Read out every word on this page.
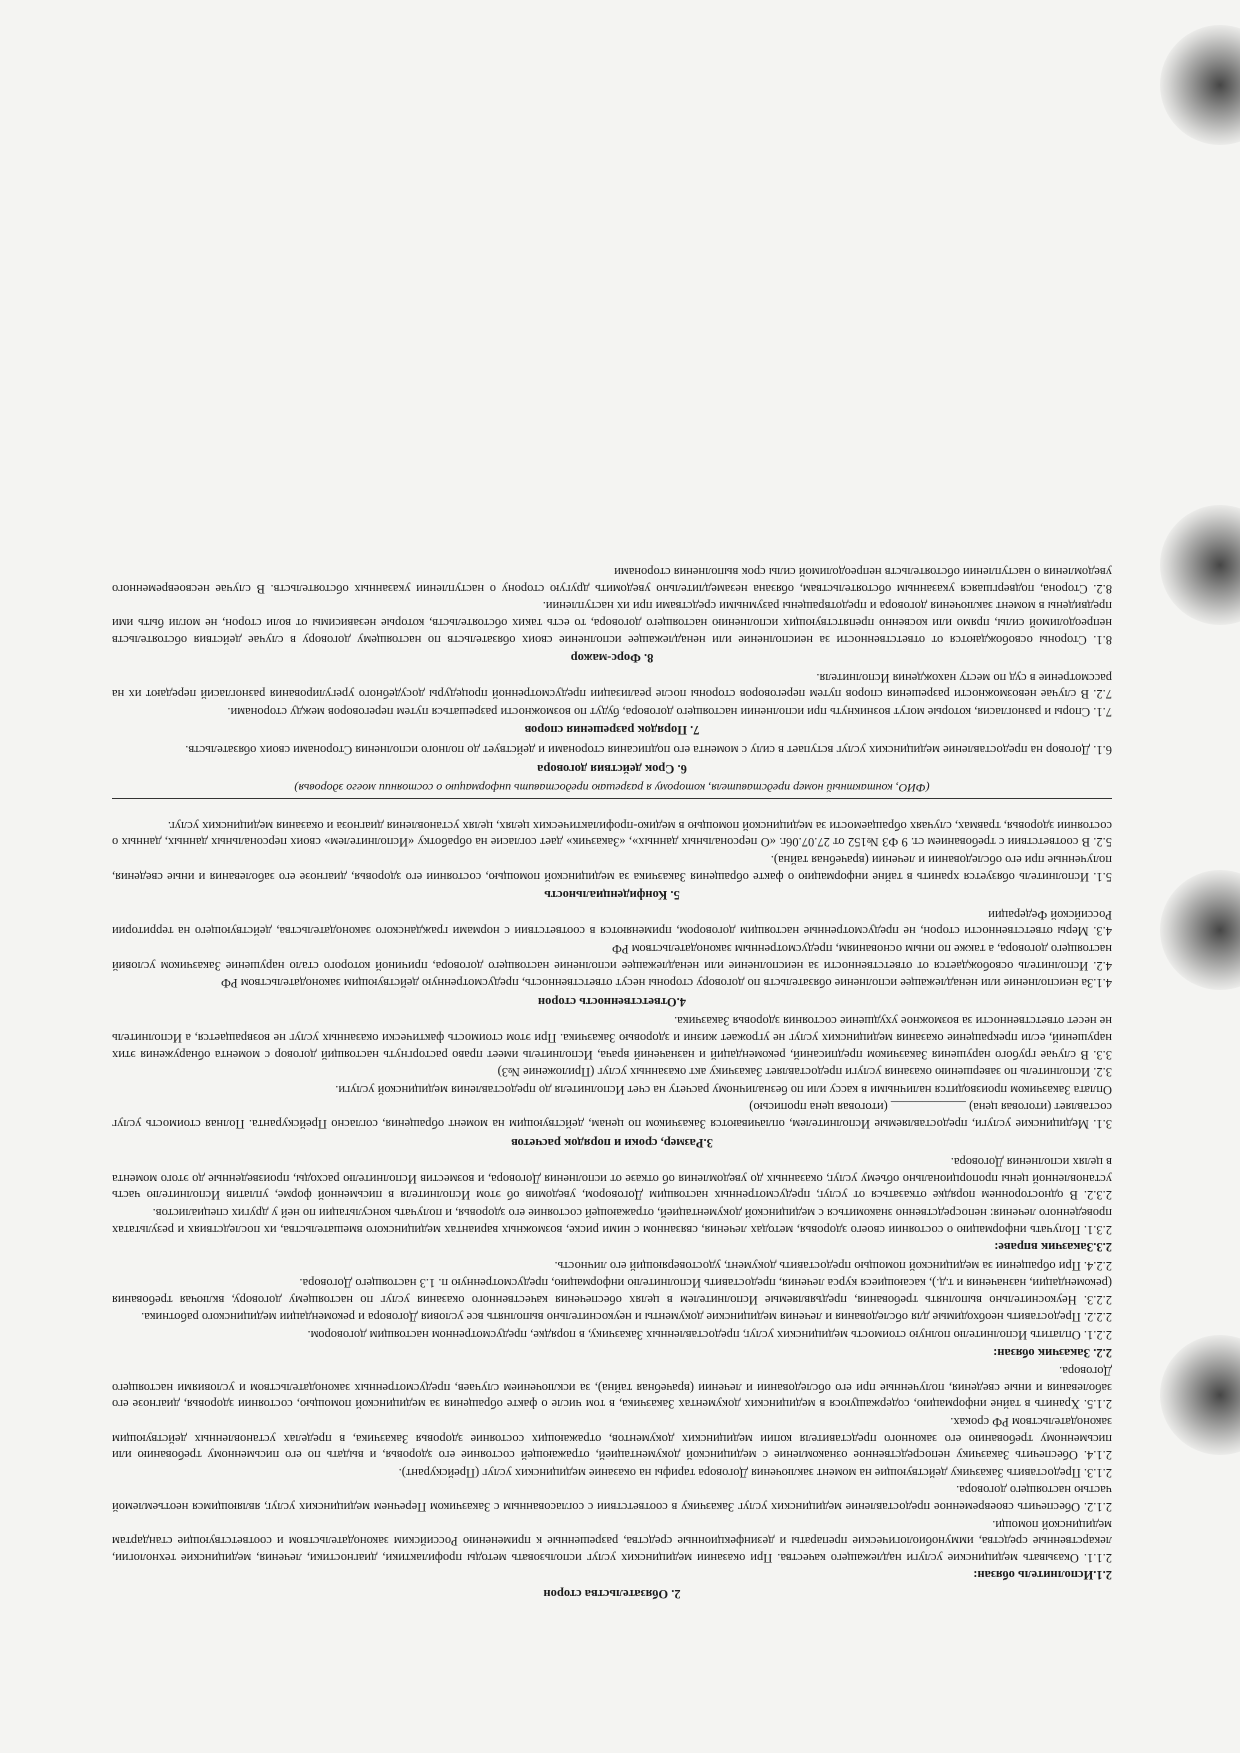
2. Обязательства сторон
2.1.Исполнитель обязан:
2.1.1. Оказывать медицинские услуги надлежащего качества. При оказании медицинских услуг использовать методы профилактики, диагностики, лечения, медицинские технологии, лекарственные средства, иммунобиологические препараты и дезинфекционные средства, разрешенные к применению Российским законодательством и соответствующие стандартам медицинской помощи.
2.1.2. Обеспечить своевременное предоставление медицинских услуг Заказчику в соответствии с согласованным с Заказчиком Перечнем медицинских услуг, являющимся неотъемлемой частью настоящего договора.
2.1.3. Предоставить Заказчику действующие на момент заключения Договора тарифы на оказание медицинских услуг (Прейскурант).
2.1.4. Обеспечить Заказчику непосредственное ознакомление с медицинской документацией, отражающей состояние его здоровья, и выдать по его письменному требованию или письменному требованию его законного представителя копии медицинских документов, отражающих состояние здоровья Заказчика, в пределах установленных действующим законодательством РФ сроках.
2.1.5. Хранить в тайне информацию, содержащуюся в медицинских документах Заказчика, в том числе о факте обращения за медицинской помощью, состоянии здоровья, диагнозе его заболевания и иные сведения, полученные при его обследовании и лечении (врачебная тайна), за исключением случаев, предусмотренных законодательством и условиями настоящего Договора.
2.2. Заказчик обязан:
2.2.1. Оплатить Исполнителю полную стоимость медицинских услуг, предоставленных Заказчику, в порядке, предусмотренном настоящим договором.
2.2.2. Предоставить необходимые для обследования и лечения медицинские документы и неукоснительно выполнять все условия Договора и рекомендации медицинского работника.
2.2.3. Неукоснительно выполнять требования, предъявляемые Исполнителем в целях обеспечения качественного оказания услуг по настоящему договору, включая требования (рекомендации, назначения и т.д.), касающиеся курса лечения, предоставить Исполнителю информацию, предусмотренную п. 1.3 настоящего Договора.
2.2.4. При обращении за медицинской помощью предоставить документ, удостоверяющий его личность.
2.3.Заказчик вправе:
2.3.1. Получать информацию о состоянии своего здоровья, методах лечения, связанном с ними риске, возможных вариантах медицинского вмешательства, их последствиях и результатах проведенного лечения: непосредственно знакомиться с медицинской документацией, отражающей состояние его здоровья, и получать консультации по ней у других специалистов.
2.3.2. В одностороннем порядке отказаться от услуг, предусмотренных настоящим Договором, уведомив об этом Исполнителя в письменной форме, уплатив Исполнителю часть установленной цены пропорционально объему услуг, оказанных до уведомления об отказе от исполнения Договора, и возместив Исполнителю расходы, произведенные до этого момента в целях исполнения Договора.
3.Размер, сроки и порядок расчетов
3.1. Медицинские услуги, предоставляемые Исполнителем, оплачиваются Заказчиком по ценам, действующим на момент обращения, согласно Прейскуранта. Полная стоимость услуг составляет (итоговая цена) ____________ (итоговая цена прописью)
Оплата Заказчиком производится наличными в кассу или по безналичному расчету на счет Исполнителя до предоставления медицинской услуги.
3.2. Исполнитель по завершению оказания услуги предоставляет Заказчику акт оказанных услуг (Приложение №3)
3.3. В случае грубого нарушения Заказчиком предписаний, рекомендаций и назначений врача, Исполнитель имеет право расторгнуть настоящий договор с момента обнаружения этих нарушений, если прекращение оказания медицинских услуг не угрожает жизни и здоровью Заказчика. При этом стоимость фактически оказанных услуг не возвращается, а Исполнитель не несет ответственности за возможное ухудшение состояния здоровья Заказчика.
4.Ответственность сторон
4.1.За неисполнение или ненадлежащее исполнение обязательств по договору стороны несут ответственность, предусмотренную действующим законодательством РФ
4.2. Исполнитель освобождается от ответственности за неисполнение или ненадлежащее исполнение настоящего договора, причиной которого стало нарушение Заказчиком условий настоящего договора, а также по иным основаниям, предусмотренным законодательством РФ
4.3. Меры ответственности сторон, не предусмотренные настоящим договором, применяются в соответствии с нормами гражданского законодательства, действующего на территории Российской Федерации
5. Конфиденциальность
5.1. Исполнитель обязуется хранить в тайне информацию о факте обращения Заказчика за медицинской помощью, состоянии его здоровья, диагнозе его заболевания и иные сведения, полученные при его обследовании и лечении (врачебная тайна).
5.2. В соответствии с требованием ст. 9 ФЗ №152 от 27.07.06г. «О персональных данных», «Заказчик» дает согласие на обработку «Исполнителем» своих персональных данных, данных о состоянии здоровья, травмах, случаях обращаемости за медицинской помощью в медико-профилактических целях, целях установления диагноза и оказания медицинских услуг.
(ФИО, контактный номер представителя, которому я разрешаю предоставить информацию о состоянии моего здоровья)
6. Срок действия договора
6.1. Договор на предоставление медицинских услуг вступает в силу с момента его подписания сторонами и действует до полного исполнения Сторонами своих обязательств.
7. Порядок разрешения споров
7.1. Споры и разногласия, которые могут возникнуть при исполнении настоящего договора, будут по возможности разрешаться путем переговоров между сторонами.
7.2. В случае невозможности разрешения споров путем переговоров стороны после реализации предусмотренной процедуры досудебного урегулирования разногласий передают их на рассмотрение в суд по месту нахождения Исполнителя.
8. Форс-мажор
8.1. Стороны освобождаются от ответственности за неисполнение или ненадлежащее исполнение своих обязательств по настоящему договору в случае действия обстоятельств непреодолимой силы, прямо или косвенно препятствующих исполнению настоящего договора, то есть таких обстоятельств, которые независимы от воли сторон, не могли быть ими предвидены в момент заключения договора и предотвращены разумными средствами при их наступлении.
8.2. Сторона, подвергшаяся указанным обстоятельствам, обязана незамедлительно уведомить другую сторону о наступлении указанных обстоятельств. В случае несвоевременного уведомления о наступлении обстоятельств непреодолимой силы срок выполнения сторонами
